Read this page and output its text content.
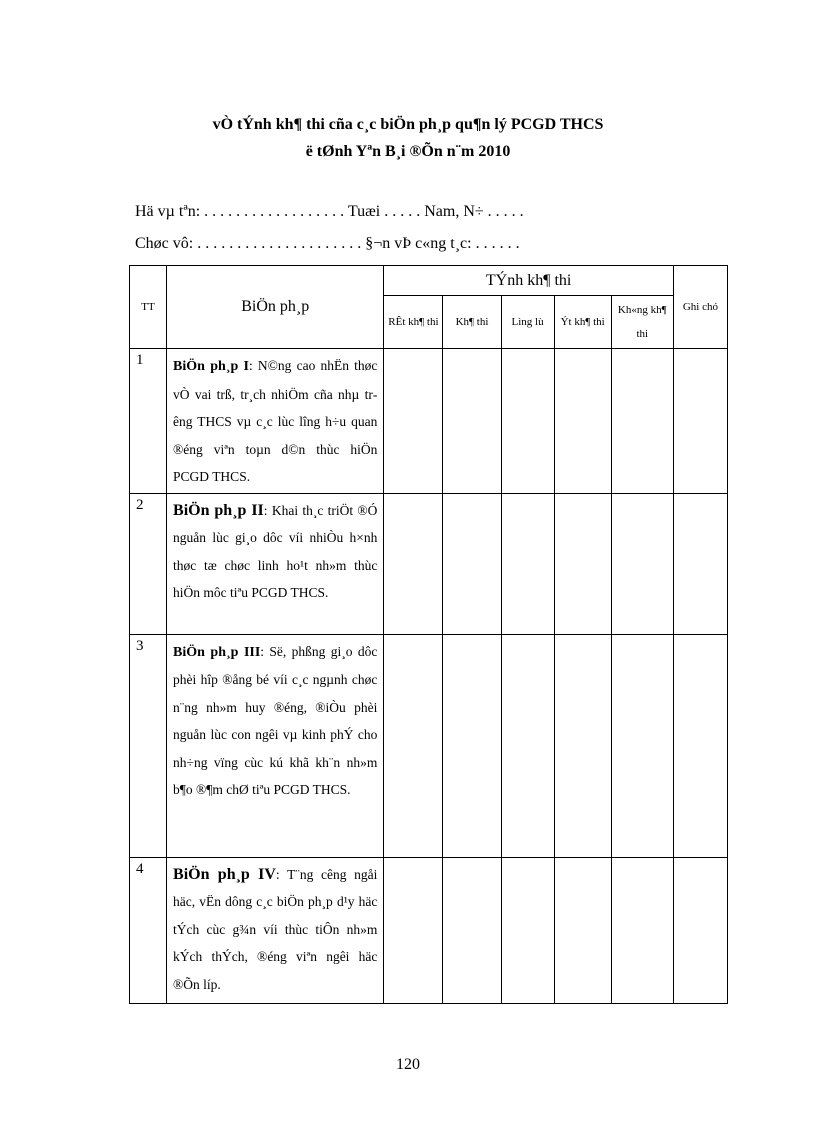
vÒ tÝnh kh¶ thi cña c¸c biÖn ph¸p qu¶n lý PCGD THCS
ë tØnh Yªn B¸i ®Õn n¨m 2010
Hä vµ tªn: . . . . . . . . . . . . . . . . . . Tuæi . . . . . Nam, N÷ . . . . .
Chøc vô: . . . . . . . . . . . . . . . . . . . . . §¬n vÞ c«ng t¸c: . . . . . .
TT	BiÖn ph¸p	TÝnh kh¶ thi					Ghi chó
		RÊt kh¶ thi	Kh¶ thi	Lìng lù	Ýt kh¶ thi	Kh«ng kh¶ thi	
1	BiÖn ph¸p I: N©ng cao nhËn thøc vÒ vai trß, tr¸ch nhiÖm cña nhµ trêng THCS vµ c¸c lùc lîng h÷u quan ®éng viªn toµn d©n thùc hiÖn PCGD THCS.						
2	BiÖn ph¸p II: Khai th¸c triÖt ®Ó nguån lùc gi¸o dôc víi nhiÒu h×nh thøc tæ chøc linh ho¹t nh»m thùc hiÖn môc tiªu PCGD THCS.						
3	BiÖn ph¸p III: Së, phßng gi¸o dôc phèi hîp ®ång bé víi c¸c ngµnh chøc n¨ng nh»m huy ®éng, ®iÒu phèi nguån lùc con ngêi vµ kinh phÝ cho nh÷ng vïng cùc kú khã kh¨n nh»m b¶o ®¶m chØ tiªu PCGD THCS.						
4	BiÖn ph¸p IV: T¨ng cêng ngåi häc, vËn dông c¸c biÖn ph¸p d¹y häc tÝch cùc g¾n víi thùc tiÔn nh»m kÝch thÝch, ®éng viªn ngêi häc ®Õn líp.						
120
